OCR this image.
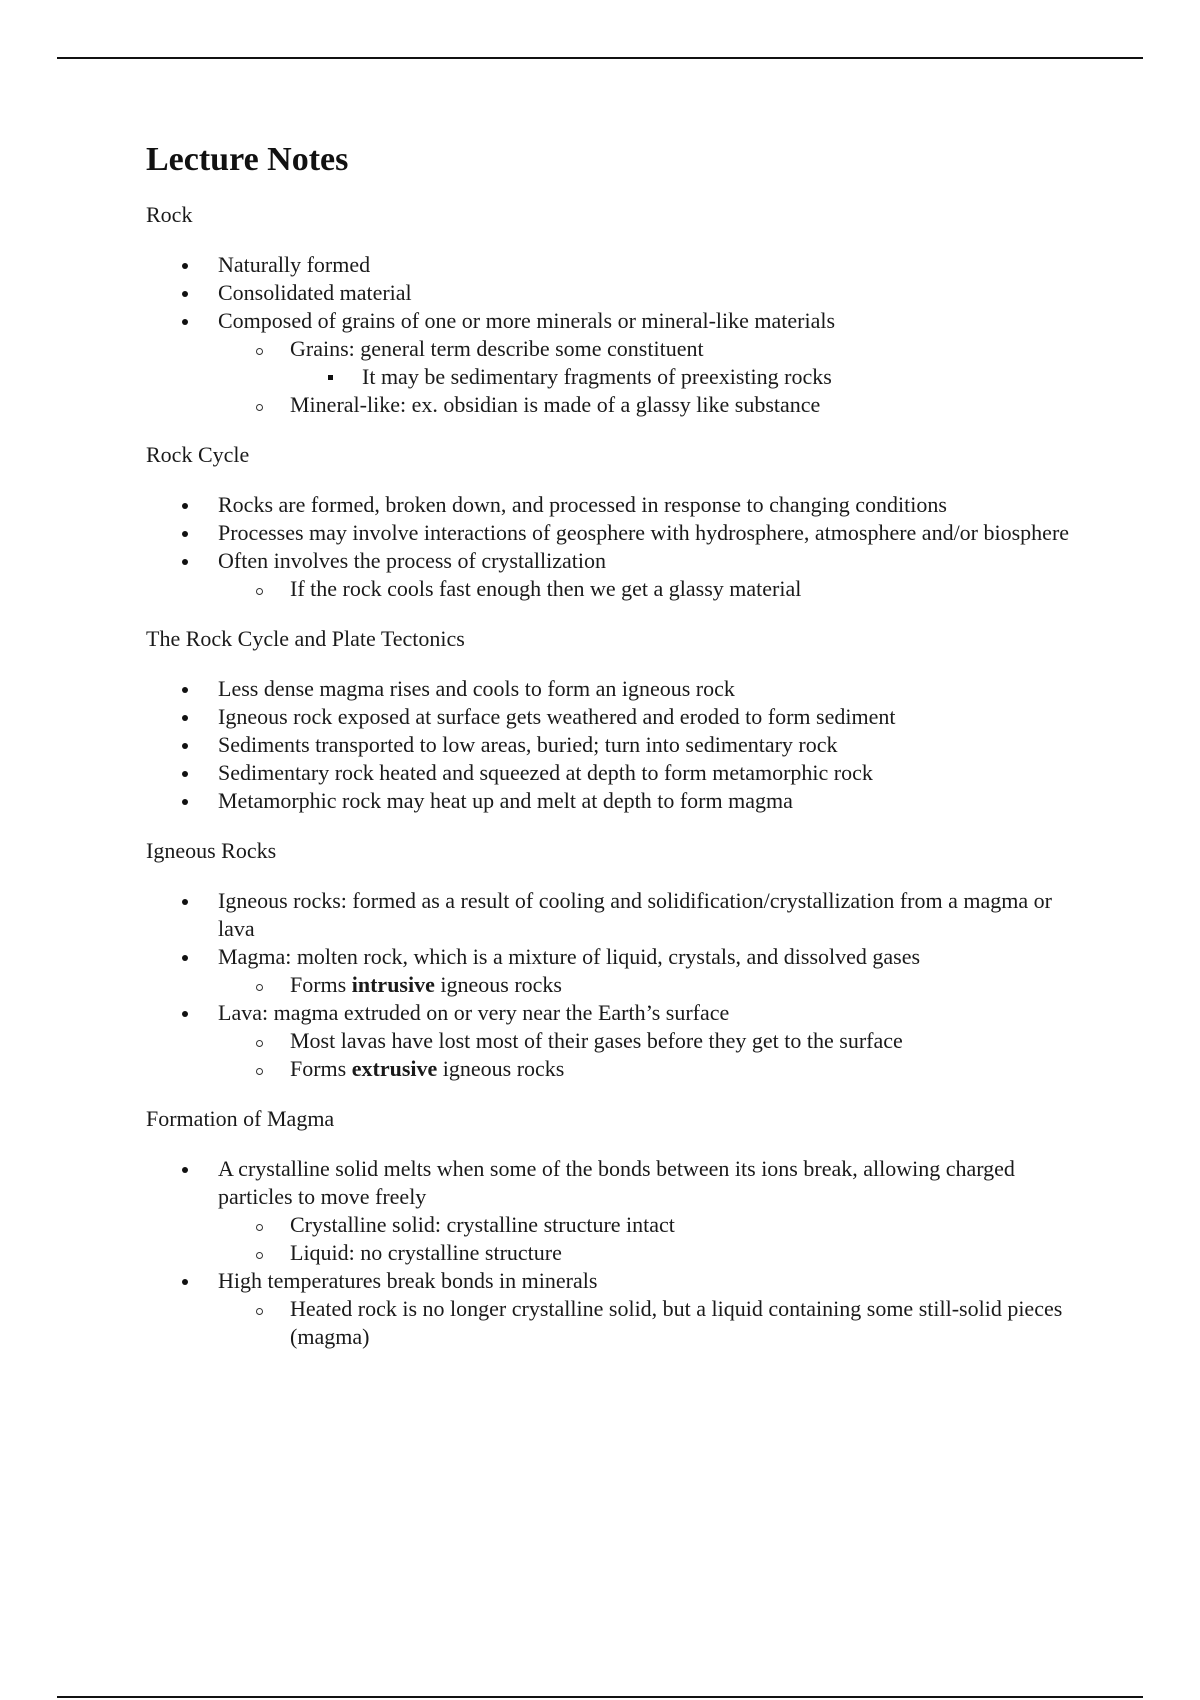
Lecture Notes
Rock
Naturally formed
Consolidated material
Composed of grains of one or more minerals or mineral-like materials
Grains: general term describe some constituent
It may be sedimentary fragments of preexisting rocks
Mineral-like: ex. obsidian is made of a glassy like substance
Rock Cycle
Rocks are formed, broken down, and processed in response to changing conditions
Processes may involve interactions of geosphere with hydrosphere, atmosphere and/or biosphere
Often involves the process of crystallization
If the rock cools fast enough then we get a glassy material
The Rock Cycle and Plate Tectonics
Less dense magma rises and cools to form an igneous rock
Igneous rock exposed at surface gets weathered and eroded to form sediment
Sediments transported to low areas, buried; turn into sedimentary rock
Sedimentary rock heated and squeezed at depth to form metamorphic rock
Metamorphic rock may heat up and melt at depth to form magma
Igneous Rocks
Igneous rocks: formed as a result of cooling and solidification/crystallization from a magma or lava
Magma: molten rock, which is a mixture of liquid, crystals, and dissolved gases
Forms intrusive igneous rocks
Lava: magma extruded on or very near the Earth’s surface
Most lavas have lost most of their gases before they get to the surface
Forms extrusive igneous rocks
Formation of Magma
A crystalline solid melts when some of the bonds between its ions break, allowing charged particles to move freely
Crystalline solid: crystalline structure intact
Liquid: no crystalline structure
High temperatures break bonds in minerals
Heated rock is no longer crystalline solid, but a liquid containing some still-solid pieces (magma)
